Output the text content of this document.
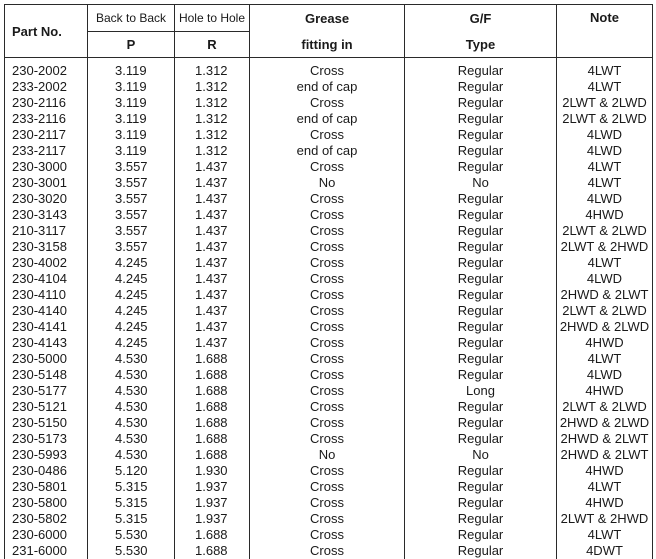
Part No.	Back to Back	Hole to Hole	Grease	G/F	Note
	P	R	fitting in	Type	
230-2002	3.119	1.312	Cross	Regular	4LWT
233-2002	3.119	1.312	end of cap	Regular	4LWT
230-2116	3.119	1.312	Cross	Regular	2LWT & 2LWD
233-2116	3.119	1.312	end of cap	Regular	2LWT & 2LWD
230-2117	3.119	1.312	Cross	Regular	4LWD
233-2117	3.119	1.312	end of cap	Regular	4LWD
230-3000	3.557	1.437	Cross	Regular	4LWT
230-3001	3.557	1.437	No	No	4LWT
230-3020	3.557	1.437	Cross	Regular	4LWD
230-3143	3.557	1.437	Cross	Regular	4HWD
210-3117	3.557	1.437	Cross	Regular	2LWT & 2LWD
230-3158	3.557	1.437	Cross	Regular	2LWT & 2HWD
230-4002	4.245	1.437	Cross	Regular	4LWT
230-4104	4.245	1.437	Cross	Regular	4LWD
230-4110	4.245	1.437	Cross	Regular	2HWD & 2LWT
230-4140	4.245	1.437	Cross	Regular	2LWT & 2LWD
230-4141	4.245	1.437	Cross	Regular	2HWD & 2LWD
230-4143	4.245	1.437	Cross	Regular	4HWD
230-5000	4.530	1.688	Cross	Regular	4LWT
230-5148	4.530	1.688	Cross	Regular	4LWD
230-5177	4.530	1.688	Cross	Long	4HWD
230-5121	4.530	1.688	Cross	Regular	2LWT & 2LWD
230-5150	4.530	1.688	Cross	Regular	2HWD & 2LWD
230-5173	4.530	1.688	Cross	Regular	2HWD & 2LWT
230-5993	4.530	1.688	No	No	2HWD & 2LWT
230-0486	5.120	1.930	Cross	Regular	4HWD
230-5801	5.315	1.937	Cross	Regular	4LWT
230-5800	5.315	1.937	Cross	Regular	4HWD
230-5802	5.315	1.937	Cross	Regular	2LWT & 2HWD
230-6000	5.530	1.688	Cross	Regular	4LWT
231-6000	5.530	1.688	Cross	Regular	4DWT
